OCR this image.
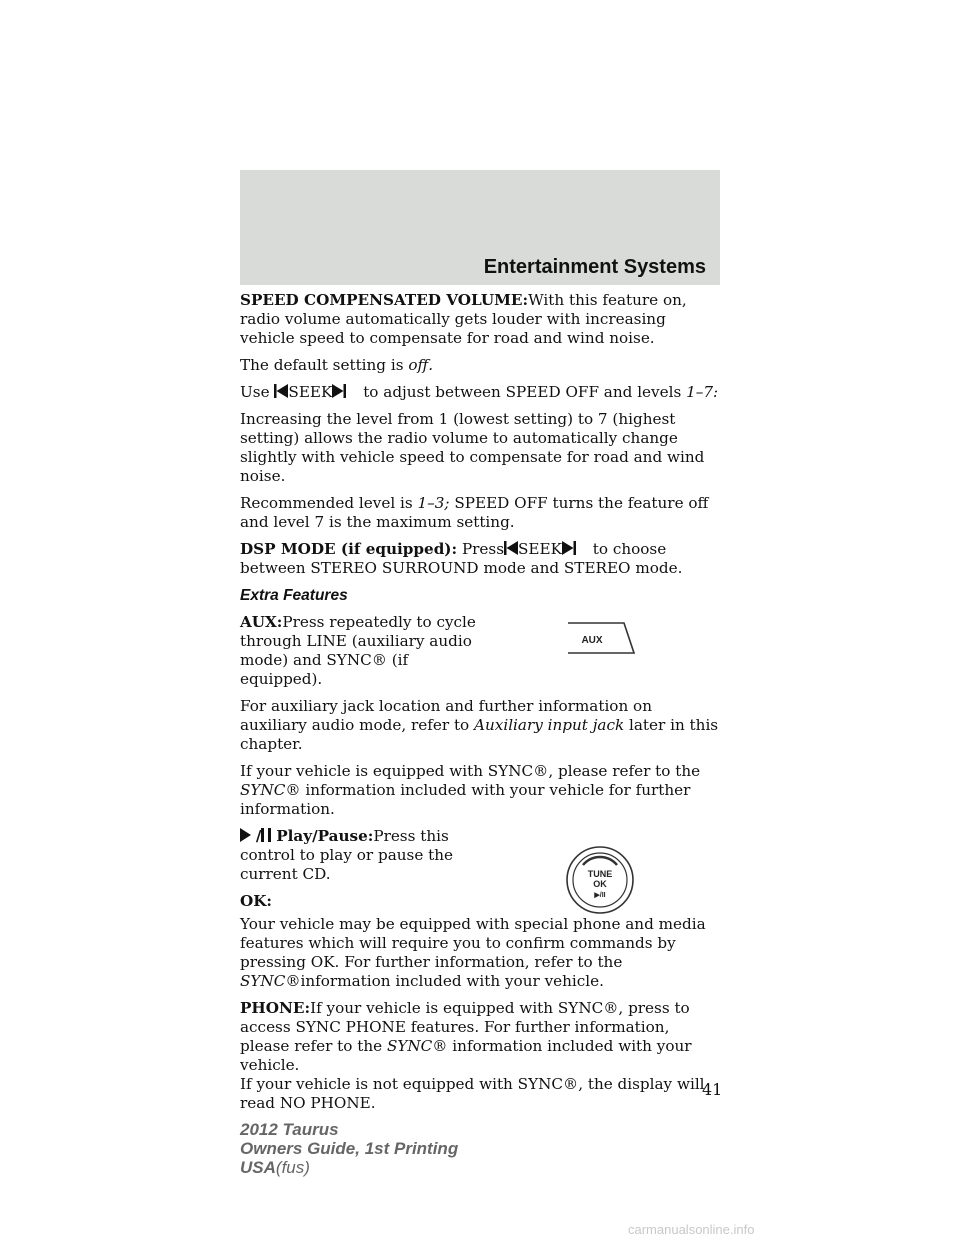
Entertainment Systems

SPEED COMPENSATED VOLUME:With this feature on, radio volume automatically gets louder with increasing vehicle speed to compensate for road and wind noise.

The default setting is off.

Use SEEK to adjust between SPEED OFF and levels 1–7:

Increasing the level from 1 (lowest setting) to 7 (highest setting) allows the radio volume to automatically change slightly with vehicle speed to compensate for road and wind noise.

Recommended level is 1–3; SPEED OFF turns the feature off and level 7 is the maximum setting.

DSP MODE (if equipped): Press SEEK to choose between STEREO SURROUND mode and STEREO mode.

Extra Features

AUX:Press repeatedly to cycle through LINE (auxiliary audio mode) and SYNC® (if equipped).

AUX

For auxiliary jack location and further information on auxiliary audio mode, refer to Auxiliary input jack later in this chapter.

If your vehicle is equipped with SYNC®, please refer to the SYNC® information included with your vehicle for further information.

/ Play/Pause:Press this control to play or pause the current CD.

OK:

TUNE
OK
▶/II

Your vehicle may be equipped with special phone and media features which will require you to confirm commands by pressing OK. For further information, refer to the SYNC®information included with your vehicle.

PHONE:If your vehicle is equipped with SYNC®, press to access SYNC PHONE features. For further information, please refer to the SYNC® information included with your vehicle.

If your vehicle is not equipped with SYNC®, the display will read NO PHONE.

41
2012 Taurus
Owners Guide, 1st Printing
USA(fus)
carmanualsonline.info
